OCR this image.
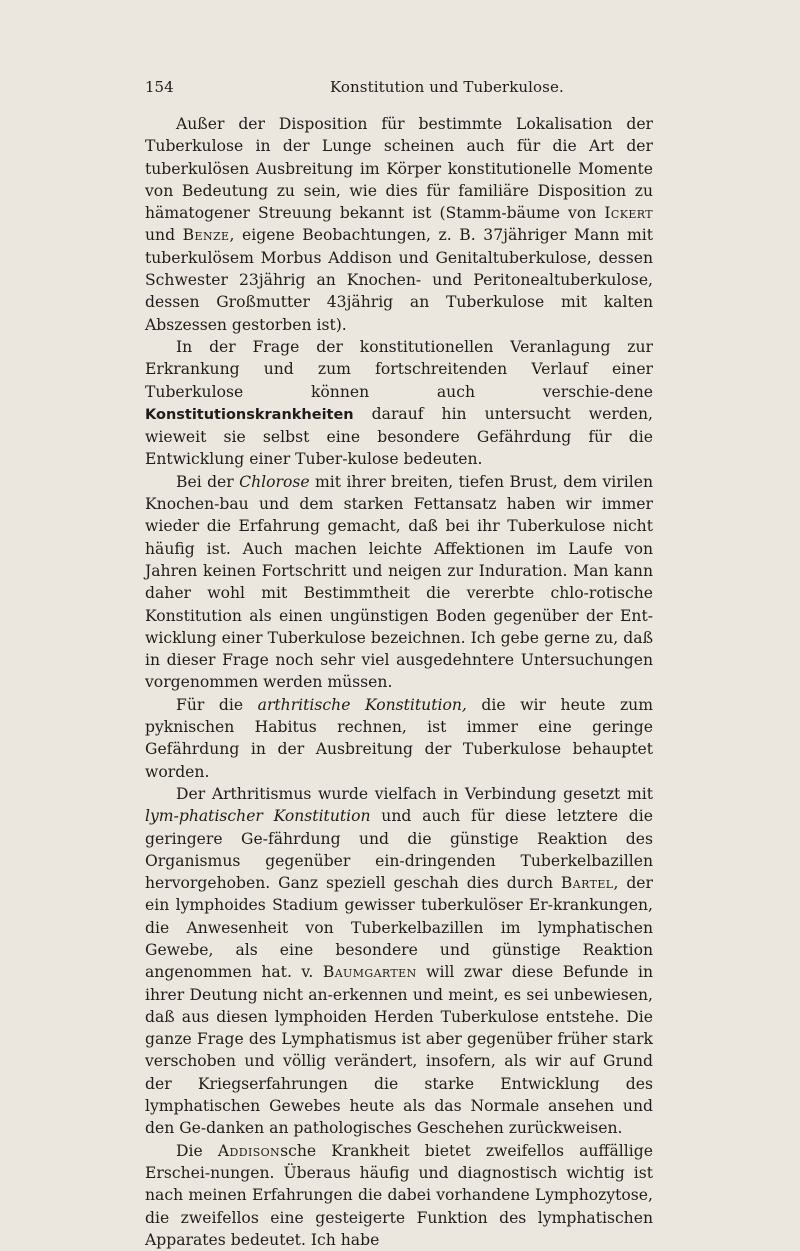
154	Konstitution und Tuberkulose.

Außer der Disposition für bestimmte Lokalisation der Tuberkulose in der Lunge scheinen auch für die Art der tuberkulösen Ausbreitung im Körper konstitutionelle Momente von Bedeutung zu sein, wie dies für familiäre Disposition zu hämatogener Streuung bekannt ist (Stamm-bäume von Ickert und Benze, eigene Beobachtungen, z. B. 37jähriger Mann mit tuberkulösem Morbus Addison und Genitaltuberkulose, dessen Schwester 23jährig an Knochen- und Peritonealtuberkulose, dessen Großmutter 43jährig an Tuberkulose mit kalten Abszessen gestorben ist).

In der Frage der konstitutionellen Veranlagung zur Erkrankung und zum fortschreitenden Verlauf einer Tuberkulose können auch verschie-dene Konstitutionskrankheiten darauf hin untersucht werden, wieweit sie selbst eine besondere Gefährdung für die Entwicklung einer Tuber-kulose bedeuten.

Bei der Chlorose mit ihrer breiten, tiefen Brust, dem virilen Knochen-bau und dem starken Fettansatz haben wir immer wieder die Erfahrung gemacht, daß bei ihr Tuberkulose nicht häufig ist. Auch machen leichte Affektionen im Laufe von Jahren keinen Fortschritt und neigen zur Induration. Man kann daher wohl mit Bestimmtheit die vererbte chlo-rotische Konstitution als einen ungünstigen Boden gegenüber der Ent-wicklung einer Tuberkulose bezeichnen. Ich gebe gerne zu, daß in dieser Frage noch sehr viel ausgedehntere Untersuchungen vorgenommen werden müssen.

Für die arthritische Konstitution, die wir heute zum pyknischen Habitus rechnen, ist immer eine geringe Gefährdung in der Ausbreitung der Tuberkulose behauptet worden.

Der Arthritismus wurde vielfach in Verbindung gesetzt mit lym-phatischer Konstitution und auch für diese letztere die geringere Ge-fährdung und die günstige Reaktion des Organismus gegenüber ein-dringenden Tuberkelbazillen hervorgehoben. Ganz speziell geschah dies durch Bartel, der ein lymphoides Stadium gewisser tuberkulöser Er-krankungen, die Anwesenheit von Tuberkelbazillen im lymphatischen Gewebe, als eine besondere und günstige Reaktion angenommen hat. v. Baumgarten will zwar diese Befunde in ihrer Deutung nicht an-erkennen und meint, es sei unbewiesen, daß aus diesen lymphoiden Herden Tuberkulose entstehe. Die ganze Frage des Lymphatismus ist aber gegenüber früher stark verschoben und völlig verändert, insofern, als wir auf Grund der Kriegserfahrungen die starke Entwicklung des lymphatischen Gewebes heute als das Normale ansehen und den Ge-danken an pathologisches Geschehen zurückweisen.

Die Addisonsche Krankheit bietet zweifellos auffällige Erschei-nungen. Überaus häufig und diagnostisch wichtig ist nach meinen Erfahrungen die dabei vorhandene Lymphozytose, die zweifellos eine gesteigerte Funktion des lymphatischen Apparates bedeutet. Ich habe
